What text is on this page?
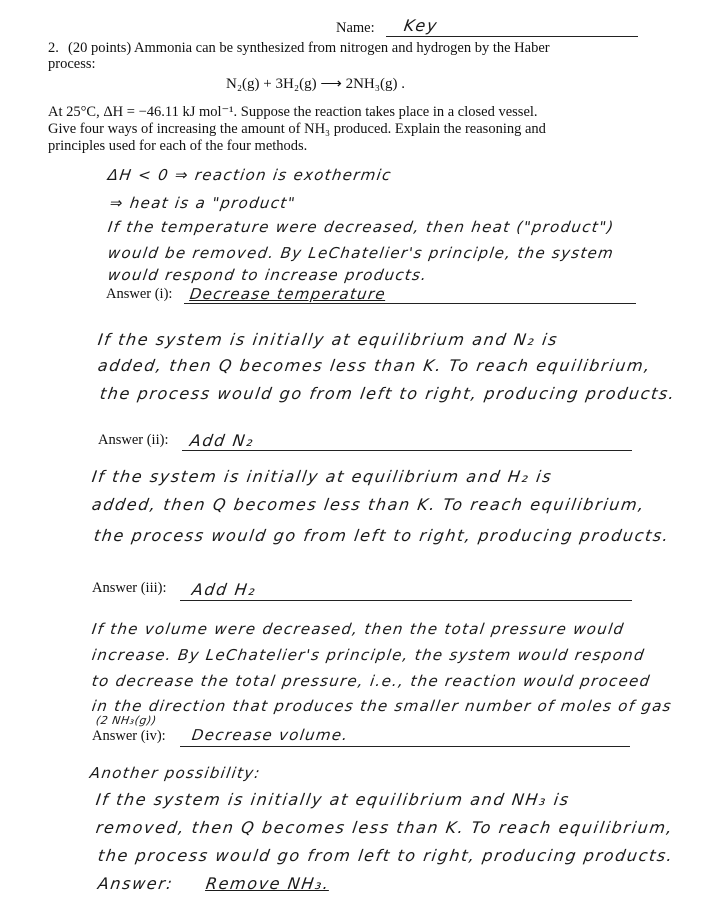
Name: Key
2. (20 points) Ammonia can be synthesized from nitrogen and hydrogen by the Haber
process:
N₂(g) + 3H₂(g) ⟶ 2NH₃(g) .
At 25°C, ΔH = −46.11 kJ mol⁻¹. Suppose the reaction takes place in a closed vessel.
Give four ways of increasing the amount of NH₃ produced. Explain the reasoning and
principles used for each of the four methods.
ΔH < 0 ⇒ reaction is exothermic
⇒ heat is a "product"
If the temperature were decreased, then heat ("product")
would be removed. By LeChatelier's principle, the system
would respond to increase products.
Answer (i): Decrease temperature
If the system is initially at equilibrium and N₂ is
added, then Q becomes less than K. To reach equilibrium,
the process would go from left to right, producing products.
Answer (ii): Add N₂
If the system is initially at equilibrium and H₂ is
added, then Q becomes less than K. To reach equilibrium,
the process would go from left to right, producing products.
Answer (iii): Add H₂
If the volume were decreased, then the total pressure would
increase. By LeChatelier's principle, the system would respond
to decrease the total pressure, i.e., the reaction would proceed
in the direction that produces the smaller number of moles of gas
(2 NH₃(g))
Answer (iv): Decrease volume.
Another possibility:
If the system is initially at equilibrium and NH₃ is
removed, then Q becomes less than K. To reach equilibrium,
the process would go from left to right, producing products.
Answer: Remove NH₃.
